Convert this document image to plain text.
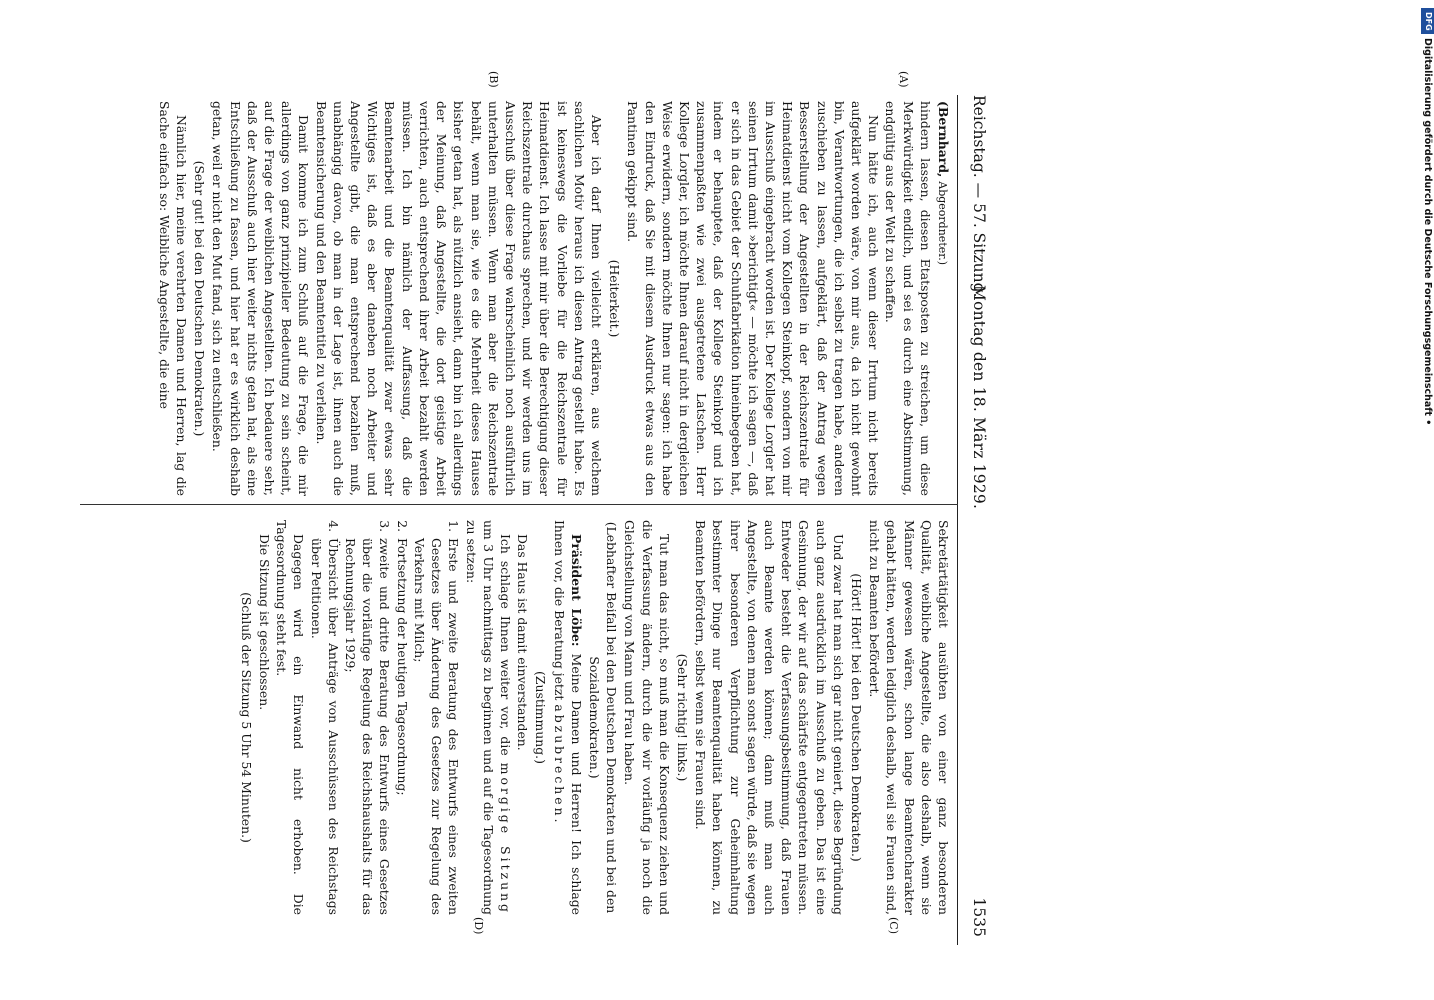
Reichstag. — 57. Sitzung.
Montag den 18. März 1929.
1535
(A)
(B)
(C)
(D)

(Bernhard, Abgeordneter.)

hindern lassen, diesen Etatsposten zu streichen, um diese Merkwürdigkeit endlich, und sei es durch eine Abstimmung, endgültig aus der Welt zu schaffen.

Nun hätte ich, auch wenn dieser Irrtum nicht bereits aufgeklärt worden wäre, von mir aus, da ich nicht gewohnt bin, Verantwortungen, die ich selbst zu tragen habe, anderen zuschieben zu lassen, aufgeklärt, daß der Antrag wegen Besserstellung der Angestellten in der Reichszentrale für Heimatdienst nicht vom Kollegen Steinkopf, sondern von mir im Ausschuß eingebracht worden ist. Der Kollege Lorgler hat seinen Irrtum damit »berichtigt« — möchte ich sagen —, daß er sich in das Gebiet der Schuhfabrikation hineinbegeben hat, indem er behauptete, daß der Kollege Steinkopf und ich zusammenpaßten wie zwei ausgetretene Latschen. Herr Kollege Lorgler, ich möchte Ihnen darauf nicht in dergleichen Weise erwidern, sondern möchte Ihnen nur sagen: ich habe den Eindruck, daß Sie mit diesem Ausdruck etwas aus den Pantinen gekippt sind.

(Heiterkeit.)

Aber ich darf Ihnen vielleicht erklären, aus welchem sachlichen Motiv heraus ich diesen Antrag gestellt habe. Es ist keineswegs die Vorliebe für die Reichszentrale für Heimatdienst. Ich lasse mit mir über die Berechtigung dieser Reichszentrale durchaus sprechen, und wir werden uns im Ausschuß über diese Frage wahrscheinlich noch ausführlich unterhalten müssen. Wenn man aber die Reichszentrale behält, wenn man sie, wie es die Mehrheit dieses Hauses bisher getan hat, als nützlich ansieht, dann bin ich allerdings der Meinung, daß Angestellte, die dort geistige Arbeit verrichten, auch entsprechend ihrer Arbeit bezahlt werden müssen. Ich bin nämlich der Auffassung, daß die Beamtenarbeit und die Beamtenqualität zwar etwas sehr Wichtiges ist, daß es aber daneben noch Arbeiter und Angestellte gibt, die man entsprechend bezahlen muß, unabhängig davon, ob man in der Lage ist, ihnen auch die Beamtensicherung und den Beamtentitel zu verleihen.

Damit komme ich zum Schluß auf die Frage, die mir allerdings von ganz prinzipieller Bedeutung zu sein scheint, auf die Frage der weiblichen Angestellten. Ich bedauere sehr, daß der Ausschuß auch hier weiter nichts getan hat, als eine Entschließung zu fassen, und hier hat er es wirklich deshalb getan, weil er nicht den Mut fand, sich zu entschließen.

(Sehr gut! bei den Deutschen Demokraten.)

Nämlich hier, meine verehrten Damen und Herren, lag die Sache einfach so: Weibliche Angestellte, die eine

Sekretärtätigkeit ausübten von einer ganz besonderen Qualität, weibliche Angestellte, die also deshalb, wenn sie Männer gewesen wären, schon lange Beamtencharakter gehabt hätten, werden lediglich deshalb, weil sie Frauen sind, nicht zu Beamten befördert.

(Hört! Hört! bei den Deutschen Demokraten.)

Und zwar hat man sich gar nicht geniert, diese Begründung auch ganz ausdrücklich im Ausschuß zu geben. Das ist eine Gesinnung, der wir auf das schärfste entgegentreten müssen. Entweder besteht die Verfassungsbestimmung, daß Frauen auch Beamte werden können; dann muß man auch Angestellte, von denen man sonst sagen würde, daß sie wegen ihrer besonderen Verpflichtung zur Geheimhaltung bestimmter Dinge nur Beamtenqualität haben können, zu Beamten befördern, selbst wenn sie Frauen sind.

(Sehr richtig! links.)

Tut man das nicht, so muß man die Konsequenz ziehen und die Verfassung ändern, durch die wir vorläufig ja noch die Gleichstellung von Mann und Frau haben.

(Lebhafter Beifall bei den Deutschen Demokraten und bei den Sozialdemokraten.)

Präsident Löbe: Meine Damen und Herren! Ich schlage Ihnen vor, die Beratung jetzt abzubrechen.

(Zustimmung.)

Das Haus ist damit einverstanden.

Ich schlage Ihnen weiter vor, die morgige Sitzung um 3 Uhr nachmittags zu beginnen und auf die Tagesordnung zu setzen:

1. Erste und zweite Beratung des Entwurfs eines zweiten Gesetzes über Änderung des Gesetzes zur Regelung des Verkehrs mit Milch;
2. Fortsetzung der heutigen Tagesordnung;
3. zweite und dritte Beratung des Entwurfs eines Gesetzes über die vorläufige Regelung des Reichshaushalts für das Rechnungsjahr 1929;
4. Übersicht über Anträge von Ausschüssen des Reichstags über Petitionen.

Dagegen wird ein Einwand nicht erhoben. Die Tagesordnung steht fest.

Die Sitzung ist geschlossen.

(Schluß der Sitzung 5 Uhr 54 Minuten.)

DFG
Digitalisierung gefördert durch die Deutsche Forschungsgemeinschaft •
